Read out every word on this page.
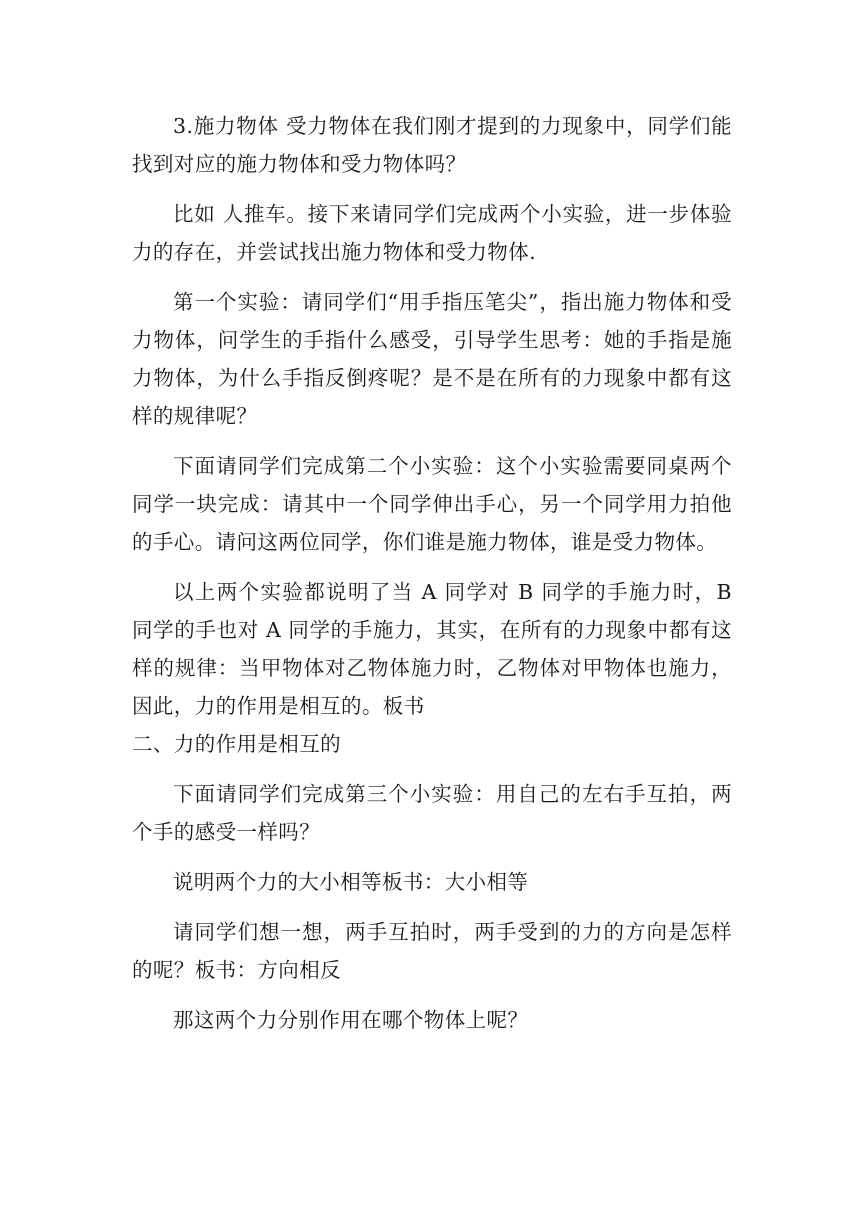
3.施力物体 受力物体在我们刚才提到的力现象中，同学们能找到对应的施力物体和受力物体吗？

比如 人推车。接下来请同学们完成两个小实验，进一步体验力的存在，并尝试找出施力物体和受力物体.

第一个实验：请同学们“用手指压笔尖”，指出施力物体和受力物体，问学生的手指什么感受，引导学生思考：她的手指是施力物体，为什么手指反倒疼呢？是不是在所有的力现象中都有这样的规律呢？

下面请同学们完成第二个小实验：这个小实验需要同桌两个同学一块完成：请其中一个同学伸出手心，另一个同学用力拍他的手心。请问这两位同学，你们谁是施力物体，谁是受力物体。

以上两个实验都说明了当 A 同学对 B 同学的手施力时，B 同学的手也对 A 同学的手施力，其实，在所有的力现象中都有这样的规律：当甲物体对乙物体施力时，乙物体对甲物体也施力，因此，力的作用是相互的。板书

二、力的作用是相互的

下面请同学们完成第三个小实验：用自己的左右手互拍，两个手的感受一样吗？

说明两个力的大小相等板书：大小相等

请同学们想一想，两手互拍时，两手受到的力的方向是怎样的呢？板书：方向相反

那这两个力分别作用在哪个物体上呢？
